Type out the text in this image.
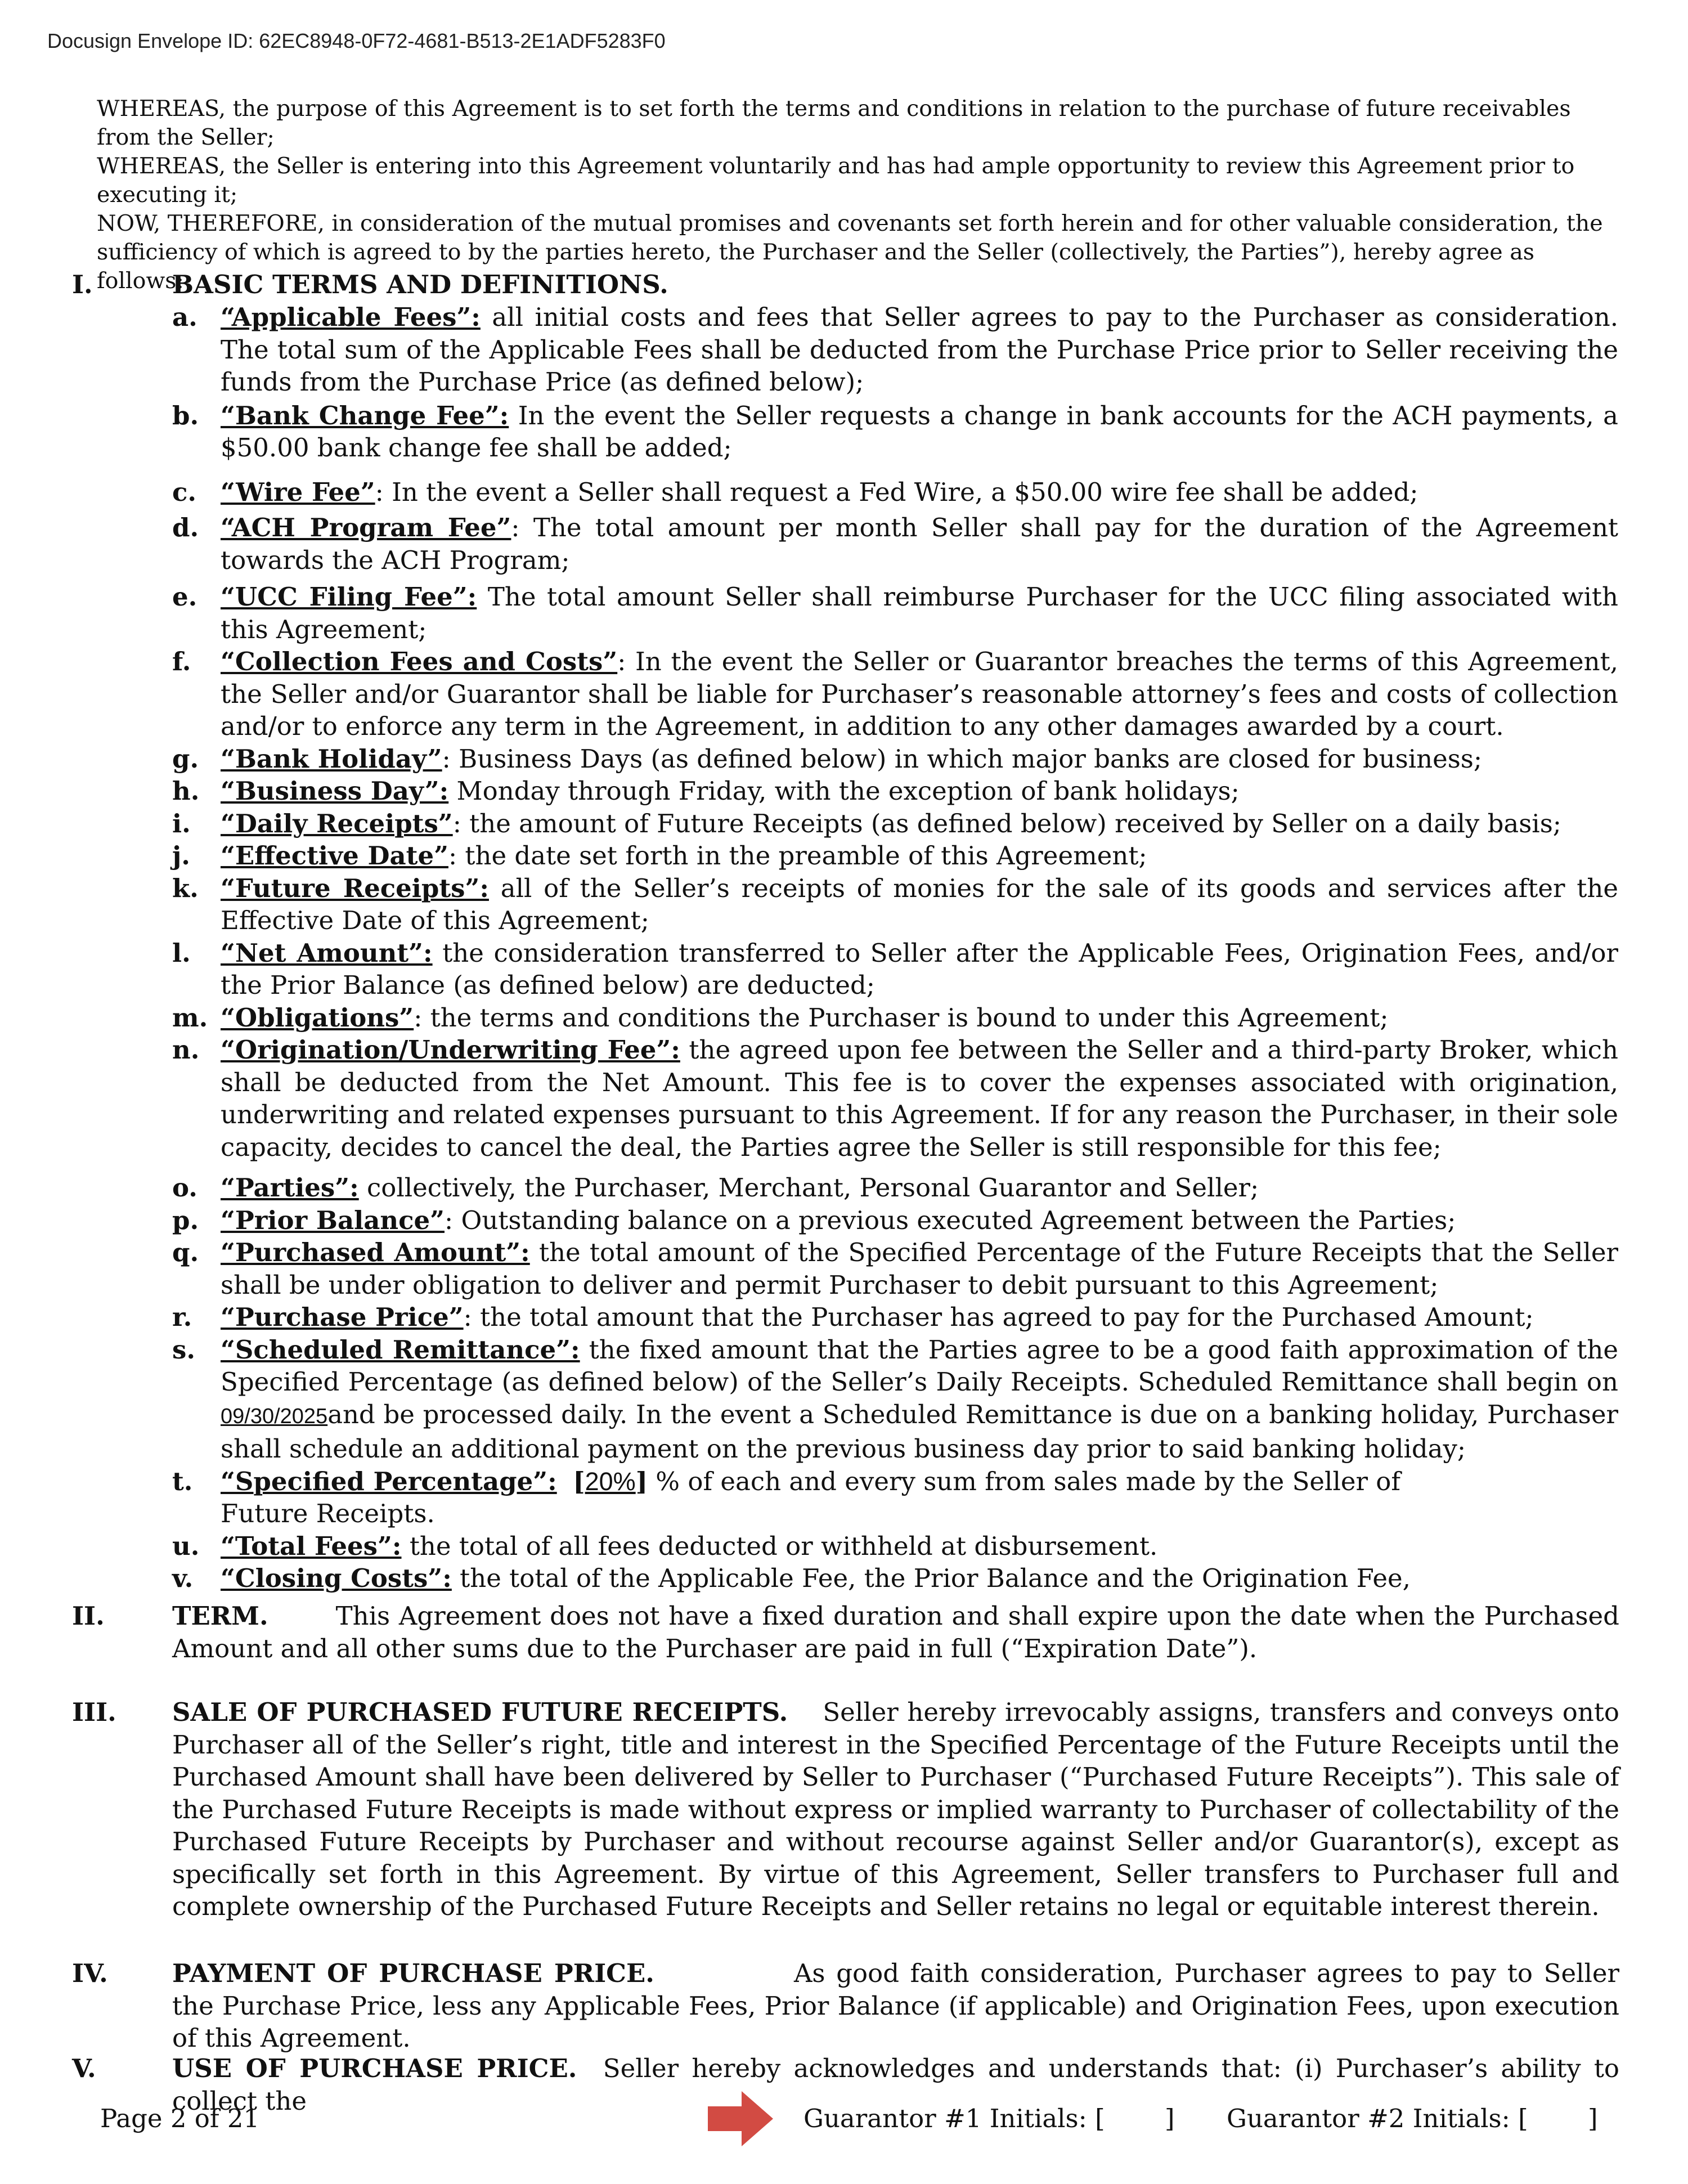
Docusign Envelope ID: 62EC8948-0F72-4681-B513-2E1ADF5283F0

WHEREAS, the purpose of this Agreement is to set forth the terms and conditions in relation to the purchase of future receivables from the Seller;

WHEREAS, the Seller is entering into this Agreement voluntarily and has had ample opportunity to review this Agreement prior to executing it;

NOW, THEREFORE, in consideration of the mutual promises and covenants set forth herein and for other valuable consideration, the sufficiency of which is agreed to by the parties hereto, the Purchaser and the Seller (collectively, the Parties”), hereby agree as follows:

I.	BASIC TERMS AND DEFINITIONS.
a. “Applicable Fees”: all initial costs and fees that Seller agrees to pay to the Purchaser as consideration. The total sum of the Applicable Fees shall be deducted from the Purchase Price prior to Seller receiving the funds from the Purchase Price (as defined below);
b. “Bank Change Fee”: In the event the Seller requests a change in bank accounts for the ACH payments, a $50.00 bank change fee shall be added;
c. “Wire Fee”: In the event a Seller shall request a Fed Wire, a $50.00 wire fee shall be added;
d. “ACH Program Fee”: The total amount per month Seller shall pay for the duration of the Agreement towards the ACH Program;
e. “UCC Filing Fee”: The total amount Seller shall reimburse Purchaser for the UCC filing associated with this Agreement;
f. “Collection Fees and Costs”: In the event the Seller or Guarantor breaches the terms of this Agreement, the Seller and/or Guarantor shall be liable for Purchaser’s reasonable attorney’s fees and costs of collection and/or to enforce any term in the Agreement, in addition to any other damages awarded by a court.
g. “Bank Holiday”: Business Days (as defined below) in which major banks are closed for business;
h. “Business Day”: Monday through Friday, with the exception of bank holidays;
i. “Daily Receipts”: the amount of Future Receipts (as defined below) received by Seller on a daily basis;
j. “Effective Date”: the date set forth in the preamble of this Agreement;
k. “Future Receipts”: all of the Seller’s receipts of monies for the sale of its goods and services after the Effective Date of this Agreement;
l. “Net Amount”: the consideration transferred to Seller after the Applicable Fees, Origination Fees, and/or the Prior Balance (as defined below) are deducted;
m. “Obligations”: the terms and conditions the Purchaser is bound to under this Agreement;
n. “Origination/Underwriting Fee”: the agreed upon fee between the Seller and a third-party Broker, which shall be deducted from the Net Amount. This fee is to cover the expenses associated with origination, underwriting and related expenses pursuant to this Agreement. If for any reason the Purchaser, in their sole capacity, decides to cancel the deal, the Parties agree the Seller is still responsible for this fee;
o. “Parties”: collectively, the Purchaser, Merchant, Personal Guarantor and Seller;
p. “Prior Balance”: Outstanding balance on a previous executed Agreement between the Parties;
q. “Purchased Amount”: the total amount of the Specified Percentage of the Future Receipts that the Seller shall be under obligation to deliver and permit Purchaser to debit pursuant to this Agreement;
r. “Purchase Price”: the total amount that the Purchaser has agreed to pay for the Purchased Amount;
s. “Scheduled Remittance”: the fixed amount that the Parties agree to be a good faith approximation of the Specified Percentage (as defined below) of the Seller’s Daily Receipts. Scheduled Remittance shall begin on 09/30/2025and be processed daily. In the event a Scheduled Remittance is due on a banking holiday, Purchaser shall schedule an additional payment on the previous business day prior to said banking holiday;
t. “Specified Percentage”: [20%] % of each and every sum from sales made by the Seller of
Future Receipts.
u. “Total Fees”: the total of all fees deducted or withheld at disbursement.
v. “Closing Costs”: the total of the Applicable Fee, the Prior Balance and the Origination Fee,
II.	TERM.	This Agreement does not have a fixed duration and shall expire upon the date when the Purchased Amount and all other sums due to the Purchaser are paid in full (“Expiration Date”).
III. SALE OF PURCHASED FUTURE RECEIPTS. Seller hereby irrevocably assigns, transfers and conveys onto Purchaser all of the Seller’s right, title and interest in the Specified Percentage of the Future Receipts until the Purchased Amount shall have been delivered by Seller to Purchaser (“Purchased Future Receipts”). This sale of the Purchased Future Receipts is made without express or implied warranty to Purchaser of collectability of the Purchased Future Receipts by Purchaser and without recourse against Seller and/or Guarantor(s), except as specifically set forth in this Agreement. By virtue of this Agreement, Seller transfers to Purchaser full and complete ownership of the Purchased Future Receipts and Seller retains no legal or equitable interest therein.
IV.	PAYMENT OF PURCHASE PRICE.	As good faith consideration, Purchaser agrees to pay to Seller the Purchase Price, less any Applicable Fees, Prior Balance (if applicable) and Origination Fees, upon execution of this Agreement.
V.	USE OF PURCHASE PRICE. Seller hereby acknowledges and understands that: (i) Purchaser’s ability to collect the
Page 2 of 21	Guarantor #1 Initials: [ ] Guarantor #2 Initials: [ ]
